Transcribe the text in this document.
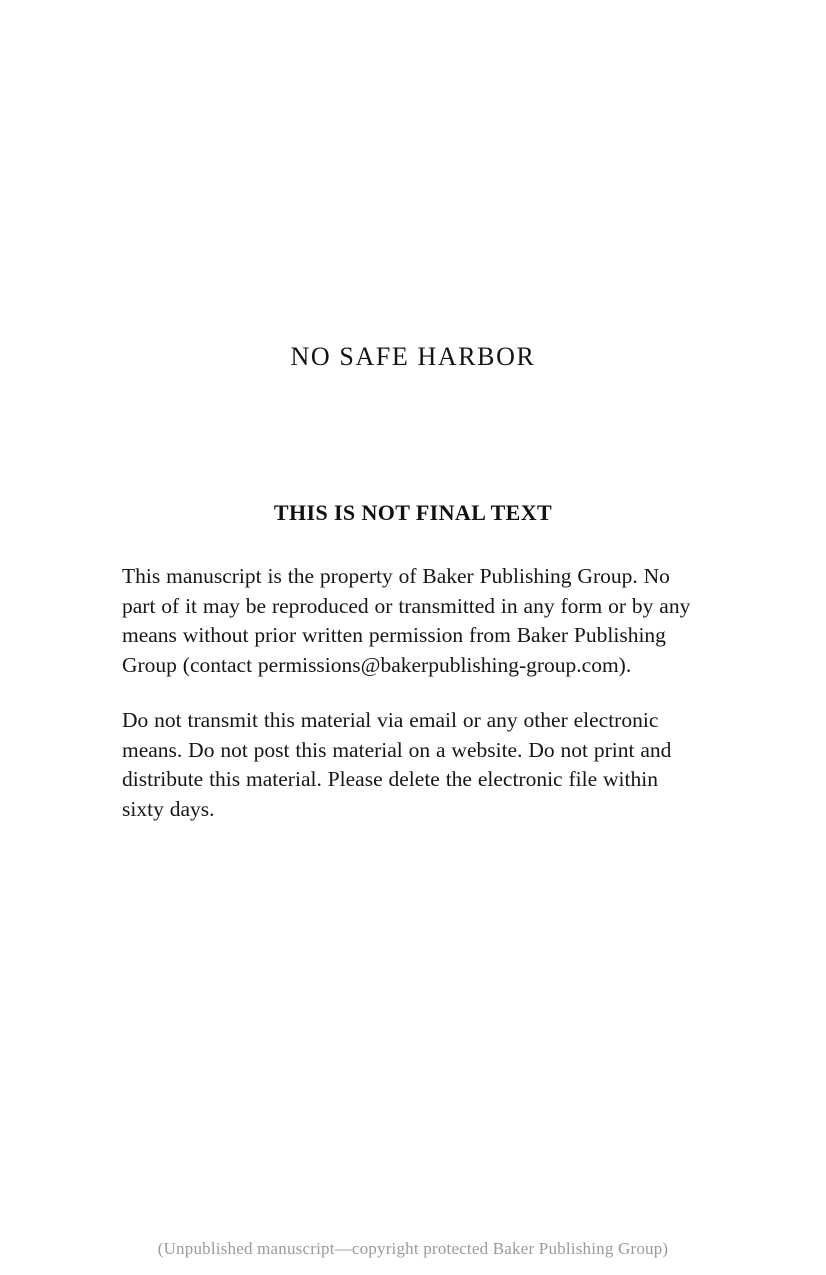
NO SAFE HARBOR
THIS IS NOT FINAL TEXT

This manuscript is the property of Baker Publishing Group. No part of it may be reproduced or transmitted in any form or by any means without prior written permission from Baker Publishing Group (contact permissions@bakerpublishing-group.com).

Do not transmit this material via email or any other electronic means. Do not post this material on a website. Do not print and distribute this material. Please delete the electronic file within sixty days.

(Unpublished manuscript—copyright protected Baker Publishing Group)
